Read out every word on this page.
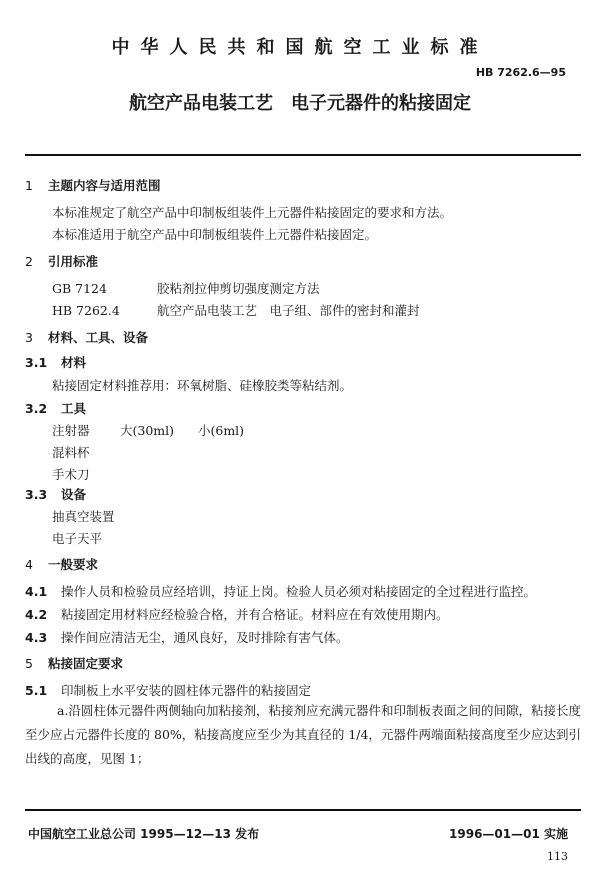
中华人民共和国航空工业标准
HB 7262.6—95
航空产品电装工艺　电子元器件的粘接固定
1 主题内容与适用范围
本标准规定了航空产品中印制板组装件上元器件粘接固定的要求和方法。
本标准适用于航空产品中印制板组装件上元器件粘接固定。
2 引用标准
GB 7124	胶粘剂拉伸剪切强度测定方法
HB 7262.4	航空产品电装工艺　电子组、部件的密封和灌封
3 材料、工具、设备
3.1 材料
粘接固定材料推荐用：环氧树脂、硅橡胶类等粘结剂。
3.2 工具
注射器 大(30ml) 小(6ml)
混料杯
手术刀
3.3 设备
抽真空装置
电子天平
4 一般要求
4.1 操作人员和检验员应经培训，持证上岗。检验人员必须对粘接固定的全过程进行监控。
4.2 粘接固定用材料应经检验合格，并有合格证。材料应在有效使用期内。
4.3 操作间应清洁无尘，通风良好，及时排除有害气体。
5 粘接固定要求
5.1 印制板上水平安装的圆柱体元器件的粘接固定
a.沿圆柱体元器件两侧轴向加粘接剂，粘接剂应充满元器件和印制板表面之间的间隙，粘接长度至少应占元器件长度的 80%，粘接高度应至少为其直径的 1/4，元器件两端面粘接高度至少应达到引出线的高度，见图 1；
中国航空工业总公司 1995—12—13 发布	1996—01—01 实施
113
